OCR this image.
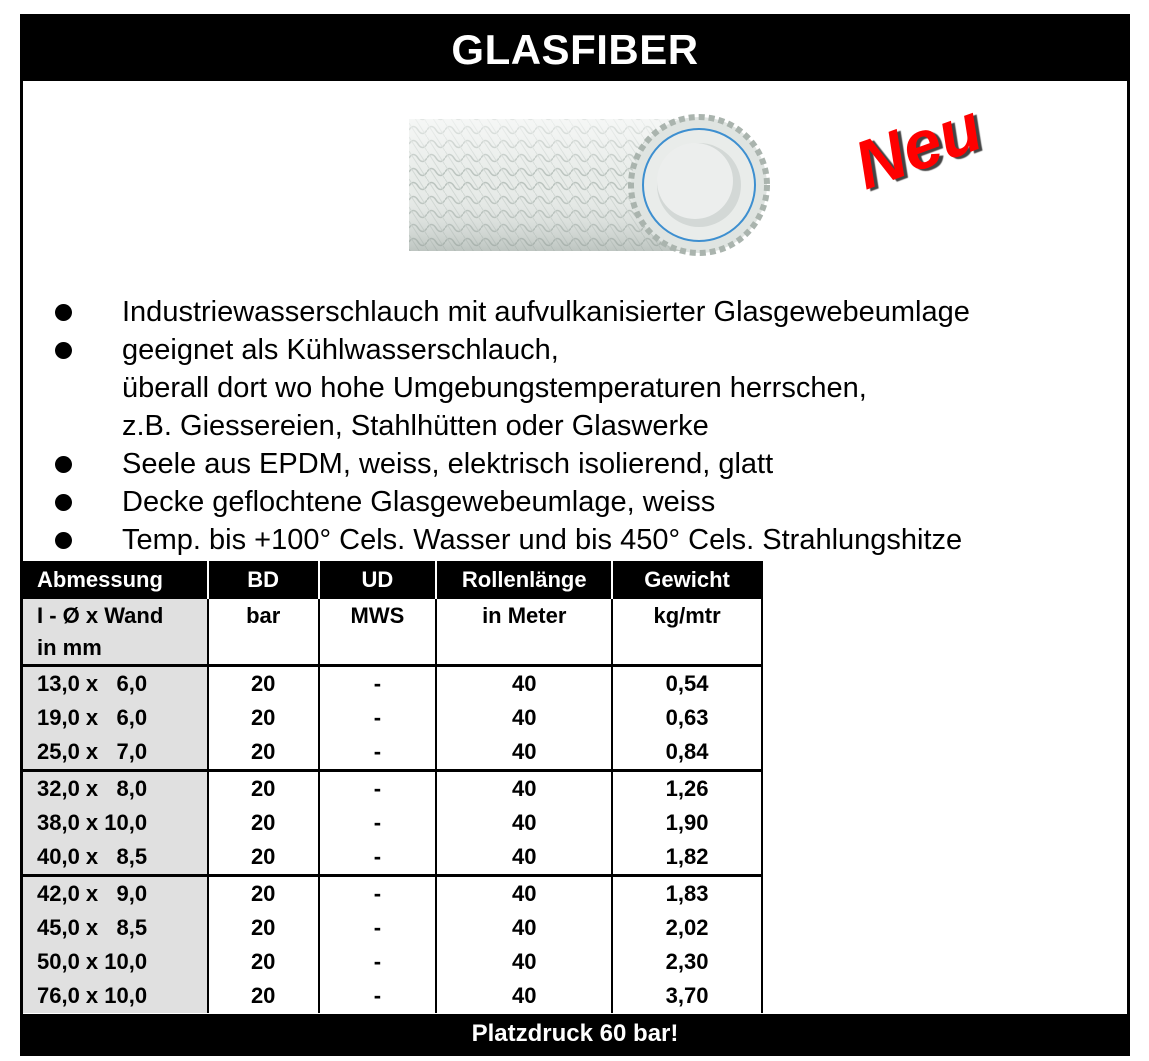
GLASFIBER
Neu
Industriewasserschlauch mit aufvulkanisierter Glasgewebeumlage
geeignet als Kühlwasserschlauch,
überall dort wo hohe Umgebungstemperaturen herrschen,
z.B. Giessereien, Stahlhütten oder Glaswerke
Seele aus EPDM, weiss, elektrisch isolierend, glatt
Decke geflochtene Glasgewebeumlage, weiss
Temp. bis +100° Cels. Wasser und bis 450° Cels. Strahlungshitze
Abmessung	BD	UD	Rollenlänge	Gewicht
I - Ø x Wand
in mm	bar	MWS	in Meter	kg/mtr
13,0 x   6,0	20	-	40	0,54
19,0 x   6,0	20	-	40	0,63
25,0 x   7,0	20	-	40	0,84
32,0 x   8,0	20	-	40	1,26
38,0 x 10,0	20	-	40	1,90
40,0 x   8,5	20	-	40	1,82
42,0 x   9,0	20	-	40	1,83
45,0 x   8,5	20	-	40	2,02
50,0 x 10,0	20	-	40	2,30
76,0 x 10,0	20	-	40	3,70
Platzdruck 60 bar!
